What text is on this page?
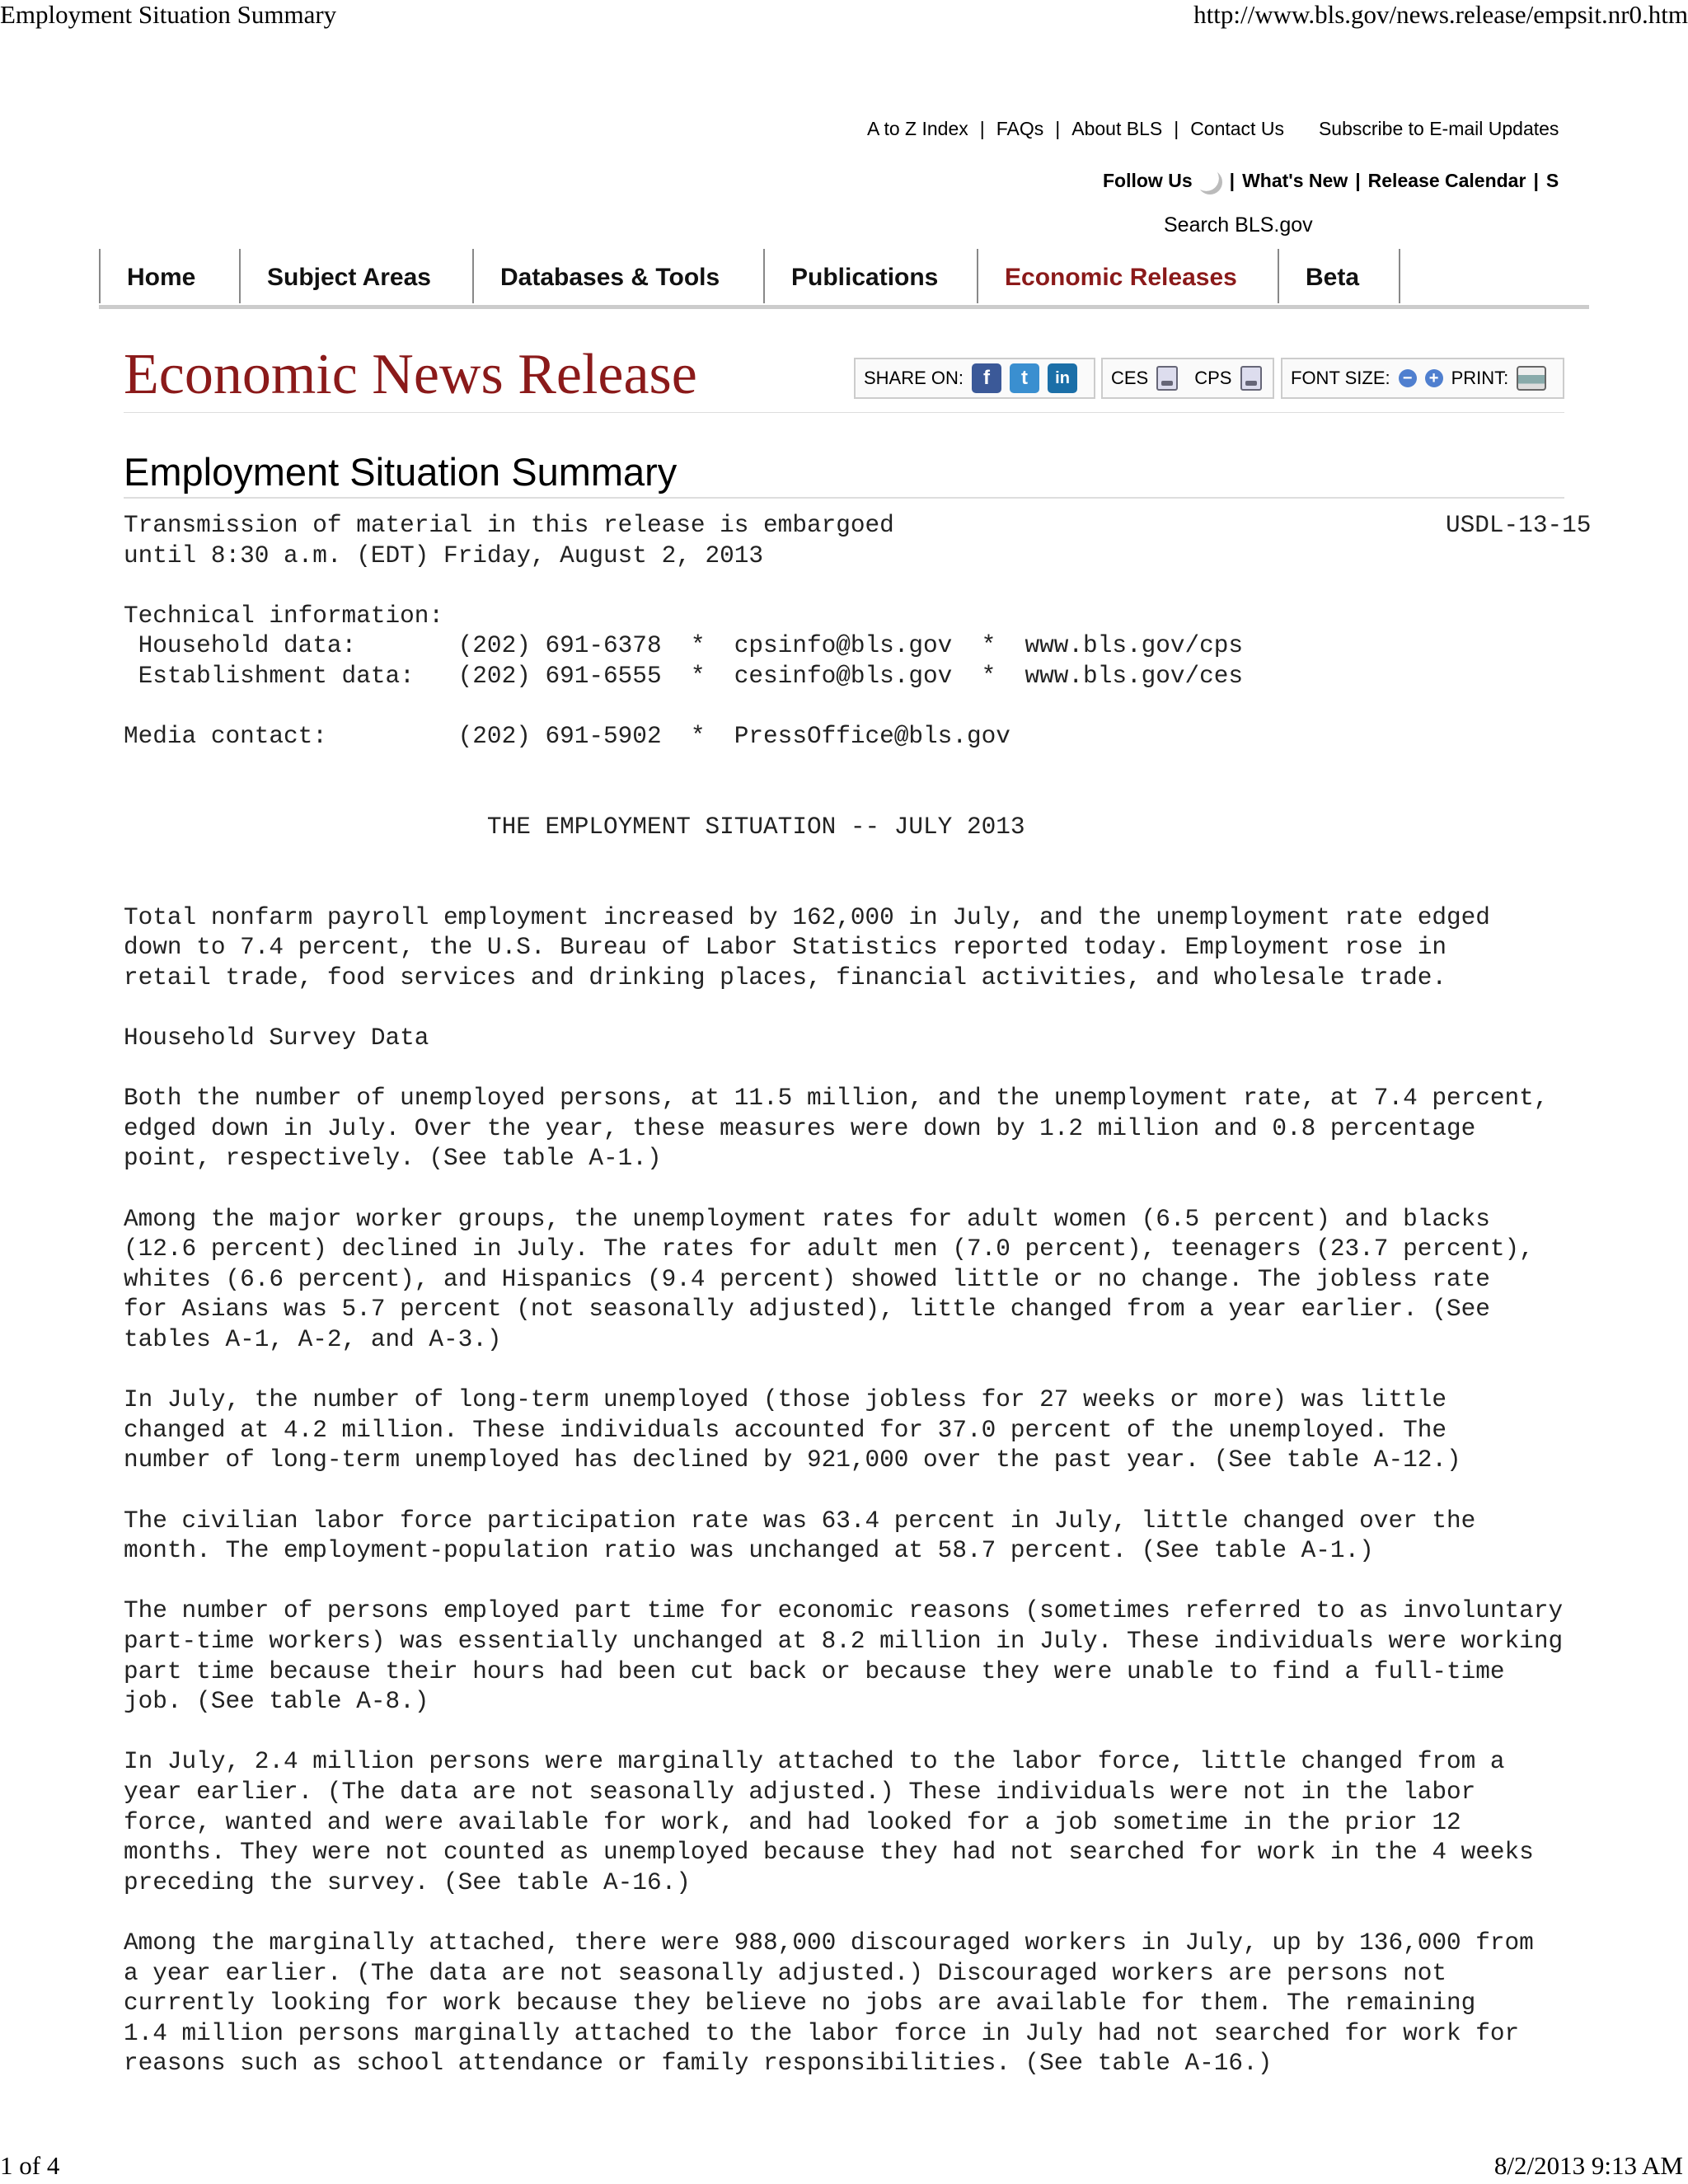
Employment Situation Summary	http://www.bls.gov/news.release/empsit.nr0.htm
1 of 4	8/2/2013 9:13 AM
A to Z Index | FAQs | About BLS | Contact Us Subscribe to E-mail Updates
Follow Us | What's New | Release Calendar | S
Search BLS.gov
Home	Subject Areas	Databases & Tools	Publications	Economic Releases	Beta
Economic News Release	SHARE ON:	f	t	in	CES	CPS	FONT SIZE: − + PRINT:
Employment Situation Summary
Transmission of material in this release is embargoed
until 8:30 a.m. (EDT) Friday, August 2, 2013
Technical information:
Household data:       (202) 691-6378  *  cpsinfo@bls.gov  *  www.bls.gov/cps
Establishment data:   (202) 691-6555  *  cesinfo@bls.gov  *  www.bls.gov/ces
Media contact:         (202) 691-5902  *  PressOffice@bls.gov
THE EMPLOYMENT SITUATION -- JULY 2013
Total nonfarm payroll employment increased by 162,000 in July, and the unemployment rate edged
down to 7.4 percent, the U.S. Bureau of Labor Statistics reported today. Employment rose in
retail trade, food services and drinking places, financial activities, and wholesale trade.
Household Survey Data
Both the number of unemployed persons, at 11.5 million, and the unemployment rate, at 7.4 percent,
edged down in July. Over the year, these measures were down by 1.2 million and 0.8 percentage
point, respectively. (See table A-1.)
Among the major worker groups, the unemployment rates for adult women (6.5 percent) and blacks
(12.6 percent) declined in July. The rates for adult men (7.0 percent), teenagers (23.7 percent),
whites (6.6 percent), and Hispanics (9.4 percent) showed little or no change. The jobless rate
for Asians was 5.7 percent (not seasonally adjusted), little changed from a year earlier. (See
tables A-1, A-2, and A-3.)
In July, the number of long-term unemployed (those jobless for 27 weeks or more) was little
changed at 4.2 million. These individuals accounted for 37.0 percent of the unemployed. The
number of long-term unemployed has declined by 921,000 over the past year. (See table A-12.)
The civilian labor force participation rate was 63.4 percent in July, little changed over the
month. The employment-population ratio was unchanged at 58.7 percent. (See table A-1.)
The number of persons employed part time for economic reasons (sometimes referred to as involuntary
part-time workers) was essentially unchanged at 8.2 million in July. These individuals were working
part time because their hours had been cut back or because they were unable to find a full-time
job. (See table A-8.)
In July, 2.4 million persons were marginally attached to the labor force, little changed from a
year earlier. (The data are not seasonally adjusted.) These individuals were not in the labor
force, wanted and were available for work, and had looked for a job sometime in the prior 12
months. They were not counted as unemployed because they had not searched for work in the 4 weeks
preceding the survey. (See table A-16.)
Among the marginally attached, there were 988,000 discouraged workers in July, up by 136,000 from
a year earlier. (The data are not seasonally adjusted.) Discouraged workers are persons not
currently looking for work because they believe no jobs are available for them. The remaining
1.4 million persons marginally attached to the labor force in July had not searched for work for
reasons such as school attendance or family responsibilities. (See table A-16.)
USDL-13-15
